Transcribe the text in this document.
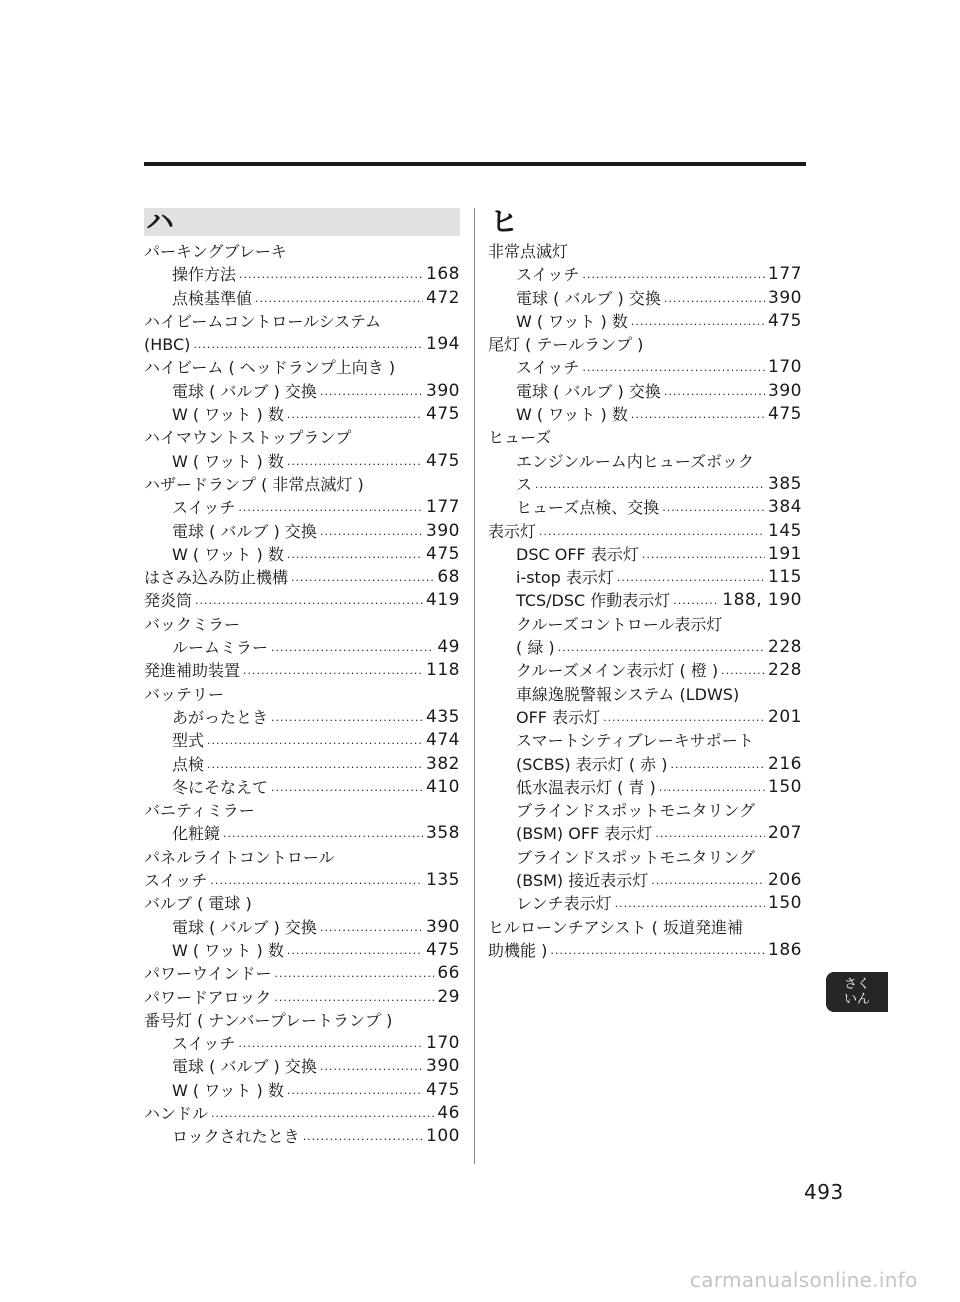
ハ
パーキングブレーキ
操作方法 .....	168
点検基準値 .....	472
ハイビームコントロールシステム
(HBC) .....	194
ハイビーム ( ヘッドランプ上向き )
電球 ( バルブ ) 交換 .....	390
W ( ワット ) 数 .....	475
ハイマウントストップランプ
W ( ワット ) 数 .....	475
ハザードランプ ( 非常点滅灯 )
スイッチ .....	177
電球 ( バルブ ) 交換 .....	390
W ( ワット ) 数 .....	475
はさみ込み防止機構 .....	68
発炎筒 .....	419
バックミラー
ルームミラー .....	49
発進補助装置 .....	118
バッテリー
あがったとき .....	435
型式 .....	474
点検 .....	382
冬にそなえて .....	410
バニティミラー
化粧鏡 .....	358
パネルライトコントロール
スイッチ .....	135
バルブ ( 電球 )
電球 ( バルブ ) 交換 .....	390
W ( ワット ) 数 .....	475
パワーウインドー .....	66
パワードアロック .....	29
番号灯 ( ナンバープレートランプ )
スイッチ .....	170
電球 ( バルブ ) 交換 .....	390
W ( ワット ) 数 .....	475
ハンドル .....	46
ロックされたとき .....	100
ヒ
非常点滅灯
スイッチ .....	177
電球 ( バルブ ) 交換 .....	390
W ( ワット ) 数 .....	475
尾灯 ( テールランプ )
スイッチ .....	170
電球 ( バルブ ) 交換 .....	390
W ( ワット ) 数 .....	475
ヒューズ
エンジンルーム内ヒューズボック
ス .....	385
ヒューズ点検、交換 .....	384
表示灯 .....	145
DSC OFF 表示灯 .....	191
i-stop 表示灯 .....	115
TCS/DSC 作動表示灯 .....	188, 190
クルーズコントロール表示灯
( 緑 ) .....	228
クルーズメイン表示灯 ( 橙 ) .....	228
車線逸脱警報システム (LDWS)
OFF 表示灯 .....	201
スマートシティブレーキサポート
(SCBS) 表示灯 ( 赤 ) .....	216
低水温表示灯 ( 青 ) .....	150
ブラインドスポットモニタリング
(BSM) OFF 表示灯 .....	207
ブラインドスポットモニタリング
(BSM) 接近表示灯 .....	206
レンチ表示灯 .....	150
ヒルローンチアシスト ( 坂道発進補
助機能 ) .....	186
さく
いん
493
carmanualsonline.info
